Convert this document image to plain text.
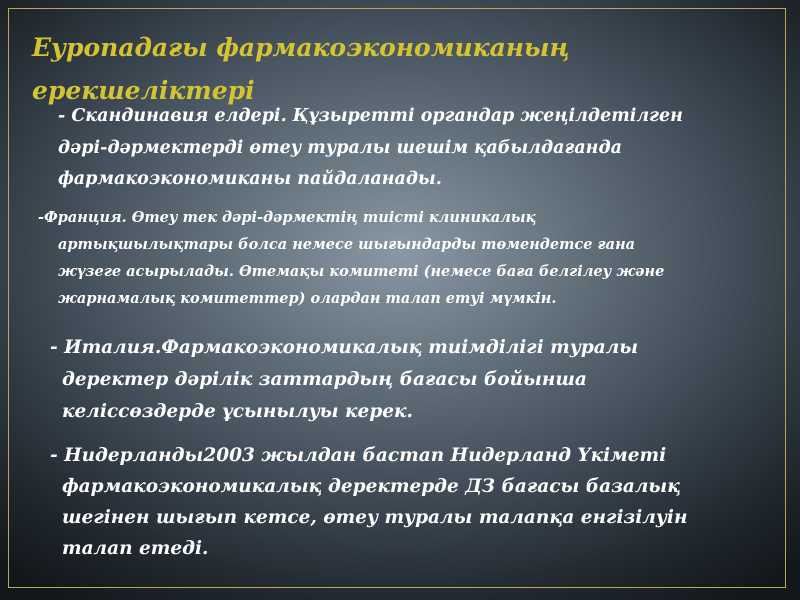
Еуропадағы фармакоэкономиканың
ерекшеліктері

- Скандинавия елдері. Құзыретті органдар жеңілдетілген
дәрі-дәрмектерді өтеу туралы шешім қабылдағанда
фармакоэкономиканы пайдаланады.

-Франция. Өтеу тек дәрі-дәрмектің тиісті клиникалық
артықшылықтары болса немесе шығындарды төмендетсе ғана
жүзеге асырылады. Өтемақы комитеті (немесе баға белгілеу және
жарнамалық комитеттер) олардан талап етуі мүмкін.

- Италия.Фармакоэкономикалық тиімділігі туралы
деректер дәрілік заттардың бағасы бойынша
келіссөздерде ұсынылуы керек.

- Нидерланды2003 жылдан бастап Нидерланд Үкіметі
фармакоэкономикалық деректерде ДЗ бағасы базалық
шегінен шығып кетсе, өтеу туралы талапқа енгізілуін
талап етеді.
